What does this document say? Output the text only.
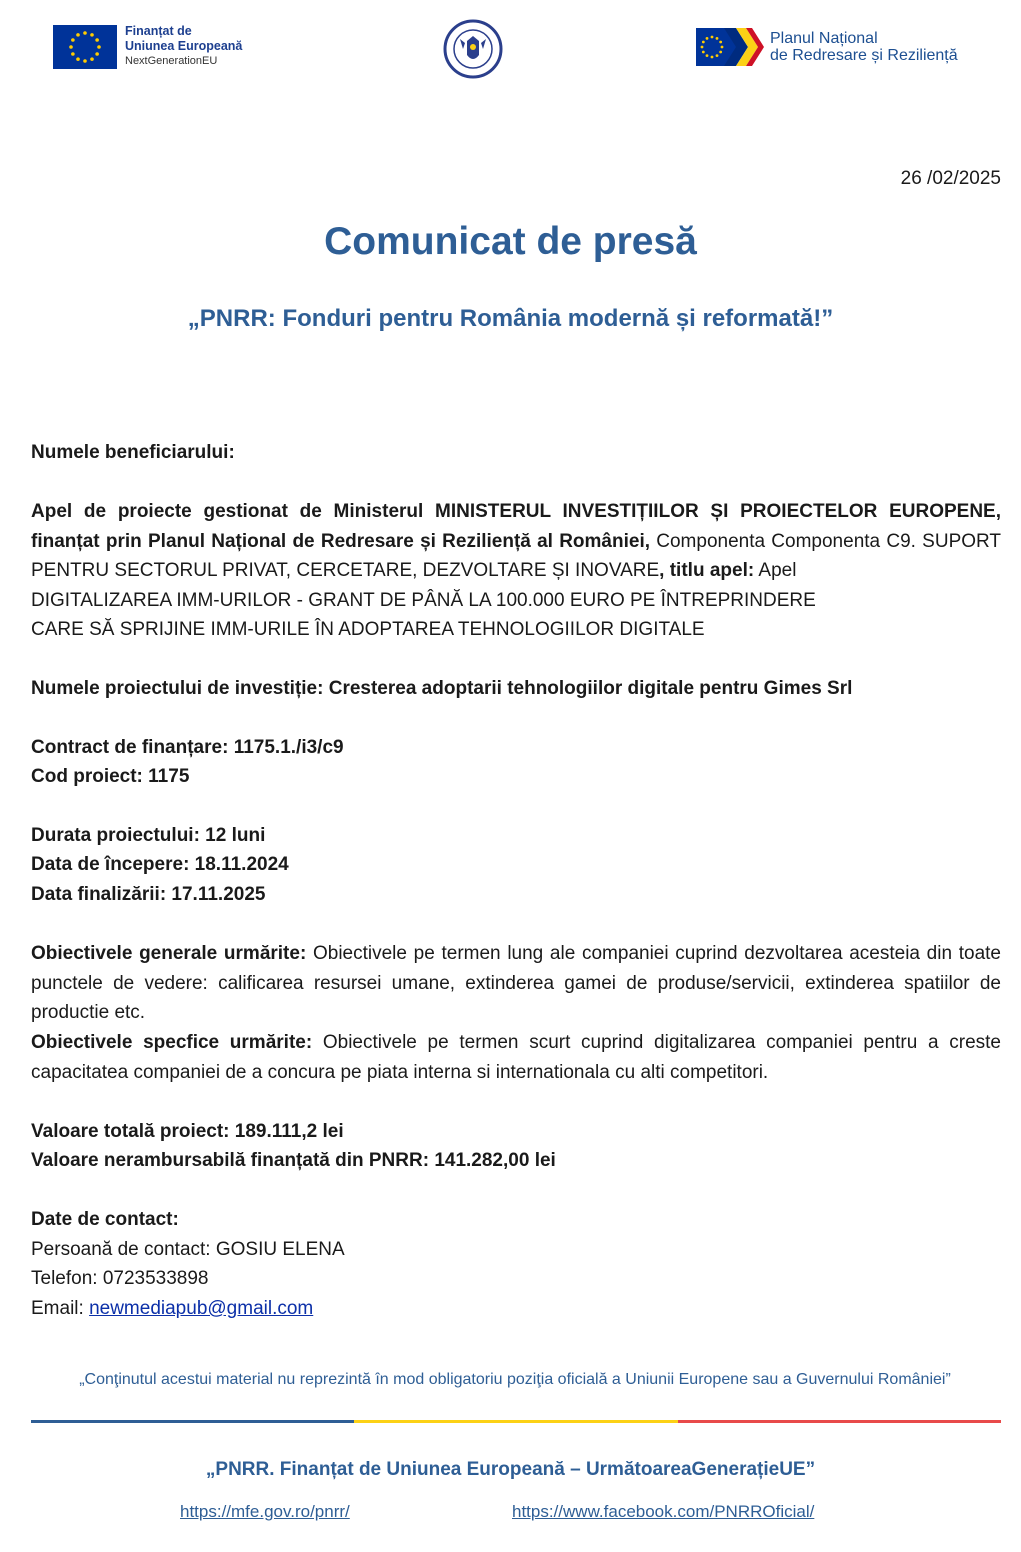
Finanțat de
Uniunea Europeană
NextGenerationEU
Planul Național
de Redresare și Reziliență
26 /02/2025
Comunicat de presă
„PNRR: Fonduri pentru România modernă și reformată!”

Numele beneficiarului:

Apel de proiecte gestionat de Ministerul MINISTERUL INVESTIȚIILOR ȘI PROIECTELOR EUROPENE, finanțat prin Planul Național de Redresare și Reziliență al României, Componenta Componenta C9. SUPORT PENTRU SECTORUL PRIVAT, CERCETARE, DEZVOLTARE ȘI INOVARE, titlu apel: Apel

DIGITALIZAREA IMM-URILOR - GRANT DE PÂNĂ LA 100.000 EURO PE ÎNTREPRINDERE
CARE SĂ SPRIJINE IMM-URILE ÎN ADOPTAREA TEHNOLOGIILOR DIGITALE
Numele proiectului de investiție: Cresterea adoptarii tehnologiilor digitale pentru Gimes Srl
Contract de finanțare: 1175.1./i3/c9
Cod proiect: 1175
Durata proiectului: 12 luni
Data de începere: 18.11.2024
Data finalizării: 17.11.2025

Obiectivele generale urmărite: Obiectivele pe termen lung ale companiei cuprind dezvoltarea acesteia din toate punctele de vedere: calificarea resursei umane, extinderea gamei de produse/servicii, extinderea spatiilor de productie etc.

Obiectivele specfice urmărite: Obiectivele pe termen scurt cuprind digitalizarea companiei pentru a creste capacitatea companiei de a concura pe piata interna si internationala cu alti competitori.

Valoare totală proiect: 189.111,2 lei
Valoare nerambursabilă finanțată din PNRR: 141.282,00 lei
Date de contact:
Persoană de contact: GOSIU ELENA
Telefon: 0723533898
Email: newmediapub@gmail.com
„Conţinutul acestui material nu reprezintă în mod obligatoriu poziţia oficială a Uniunii Europene sau a Guvernului României”
„PNRR. Finanțat de Uniunea Europeană – UrmătoareaGenerațieUE”
https://mfe.gov.ro/pnrr/	https://www.facebook.com/PNRROficial/
